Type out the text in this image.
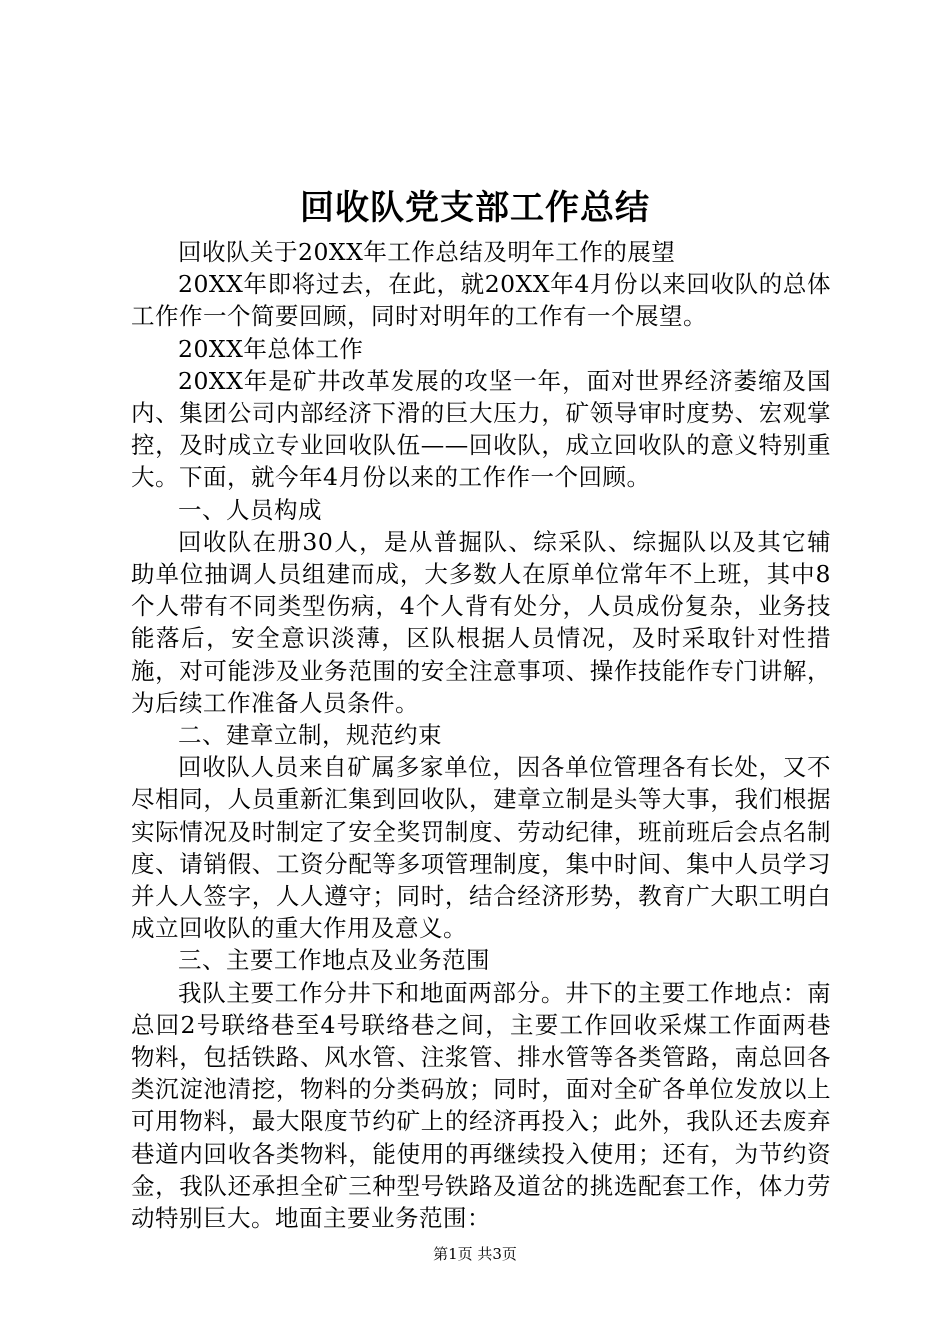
回收队党支部工作总结

回收队关于20XX年工作总结及明年工作的展望

20XX年即将过去，在此，就20XX年4月份以来回收队的总体工作作一个简要回顾，同时对明年的工作有一个展望。

20XX年总体工作

20XX年是矿井改革发展的攻坚一年，面对世界经济萎缩及国内、集团公司内部经济下滑的巨大压力，矿领导审时度势、宏观掌控，及时成立专业回收队伍——回收队，成立回收队的意义特别重大。下面，就今年4月份以来的工作作一个回顾。

一、人员构成

回收队在册30人，是从普掘队、综采队、综掘队以及其它辅助单位抽调人员组建而成，大多数人在原单位常年不上班，其中8个人带有不同类型伤病，4个人背有处分，人员成份复杂，业务技能落后，安全意识淡薄，区队根据人员情况，及时采取针对性措施，对可能涉及业务范围的安全注意事项、操作技能作专门讲解，为后续工作准备人员条件。

二、建章立制，规范约束

回收队人员来自矿属多家单位，因各单位管理各有长处，又不尽相同，人员重新汇集到回收队，建章立制是头等大事，我们根据实际情况及时制定了安全奖罚制度、劳动纪律，班前班后会点名制度、请销假、工资分配等多项管理制度，集中时间、集中人员学习并人人签字，人人遵守；同时，结合经济形势，教育广大职工明白成立回收队的重大作用及意义。

三、主要工作地点及业务范围

我队主要工作分井下和地面两部分。井下的主要工作地点：南总回2号联络巷至4号联络巷之间，主要工作回收采煤工作面两巷物料，包括铁路、风水管、注浆管、排水管等各类管路，南总回各类沉淀池清挖，物料的分类码放；同时，面对全矿各单位发放以上可用物料，最大限度节约矿上的经济再投入；此外，我队还去废弃巷道内回收各类物料，能使用的再继续投入使用；还有，为节约资金，我队还承担全矿三种型号铁路及道岔的挑选配套工作，体力劳动特别巨大。地面主要业务范围：

第1页 共3页
